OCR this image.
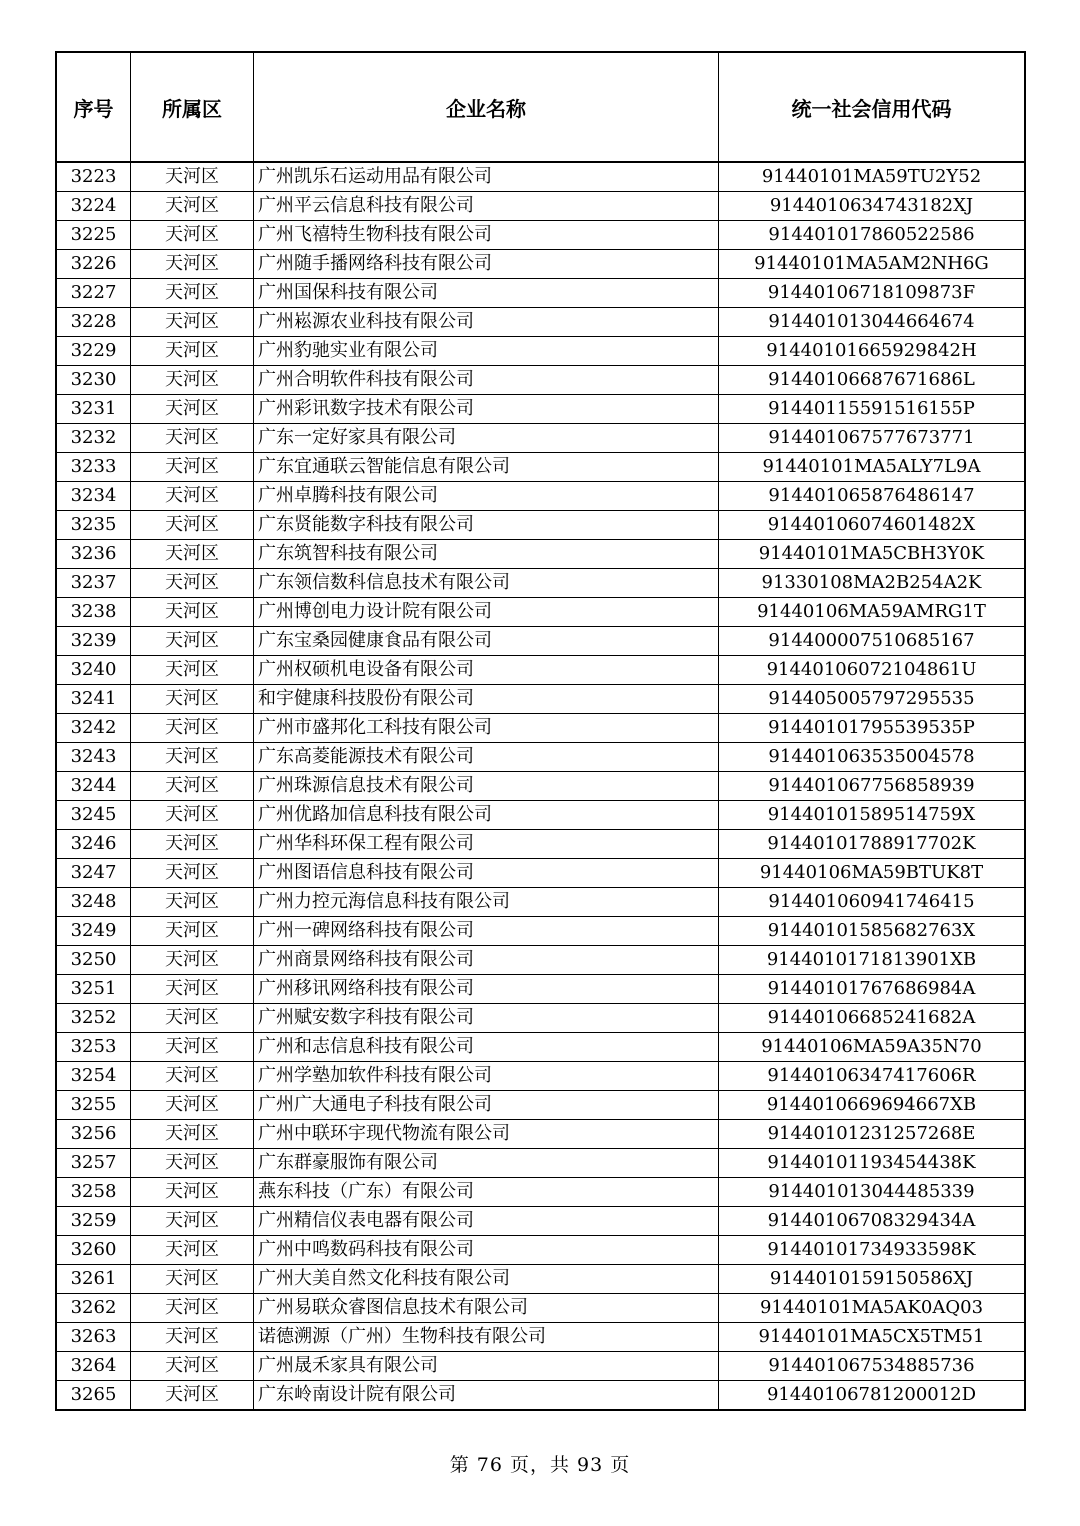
序号	所属区	企业名称	统一社会信用代码
3223	天河区	广州凯乐石运动用品有限公司	91440101MA59TU2Y52
3224	天河区	广州平云信息科技有限公司	9144010634743182XJ
3225	天河区	广州飞禧特生物科技有限公司	914401017860522586
3226	天河区	广州随手播网络科技有限公司	91440101MA5AM2NH6G
3227	天河区	广州国保科技有限公司	91440106718109873F
3228	天河区	广州崧源农业科技有限公司	914401013044664674
3229	天河区	广州豹驰实业有限公司	91440101665929842H
3230	天河区	广州合明软件科技有限公司	91440106687671686L
3231	天河区	广州彩讯数字技术有限公司	91440115591516155P
3232	天河区	广东一定好家具有限公司	914401067577673771
3233	天河区	广东宜通联云智能信息有限公司	91440101MA5ALY7L9A
3234	天河区	广州卓腾科技有限公司	914401065876486147
3235	天河区	广东贤能数字科技有限公司	91440106074601482X
3236	天河区	广东筑智科技有限公司	91440101MA5CBH3Y0K
3237	天河区	广东领信数科信息技术有限公司	91330108MA2B254A2K
3238	天河区	广州博创电力设计院有限公司	91440106MA59AMRG1T
3239	天河区	广东宝桑园健康食品有限公司	914400007510685167
3240	天河区	广州权硕机电设备有限公司	91440106072104861U
3241	天河区	和宇健康科技股份有限公司	914405005797295535
3242	天河区	广州市盛邦化工科技有限公司	91440101795539535P
3243	天河区	广东高菱能源技术有限公司	914401063535004578
3244	天河区	广州珠源信息技术有限公司	914401067756858939
3245	天河区	广州优路加信息科技有限公司	91440101589514759X
3246	天河区	广州华科环保工程有限公司	91440101788917702K
3247	天河区	广州图语信息科技有限公司	91440106MA59BTUK8T
3248	天河区	广州力控元海信息科技有限公司	914401060941746415
3249	天河区	广州一碑网络科技有限公司	91440101585682763X
3250	天河区	广州商景网络科技有限公司	9144010171813901XB
3251	天河区	广州移讯网络科技有限公司	91440101767686984A
3252	天河区	广州赋安数字科技有限公司	91440106685241682A
3253	天河区	广州和志信息科技有限公司	91440106MA59A35N70
3254	天河区	广州学塾加软件科技有限公司	91440106347417606R
3255	天河区	广州广大通电子科技有限公司	9144010669694667XB
3256	天河区	广州中联环宇现代物流有限公司	91440101231257268E
3257	天河区	广东群豪服饰有限公司	91440101193454438K
3258	天河区	燕东科技（广东）有限公司	914401013044485339
3259	天河区	广州精信仪表电器有限公司	91440106708329434A
3260	天河区	广州中鸣数码科技有限公司	91440101734933598K
3261	天河区	广州大美自然文化科技有限公司	9144010159150586XJ
3262	天河区	广州易联众睿图信息技术有限公司	91440101MA5AK0AQ03
3263	天河区	诺德溯源（广州）生物科技有限公司	91440101MA5CX5TM51
3264	天河区	广州晟禾家具有限公司	914401067534885736
3265	天河区	广东岭南设计院有限公司	91440106781200012D
第 76 页，共 93 页
